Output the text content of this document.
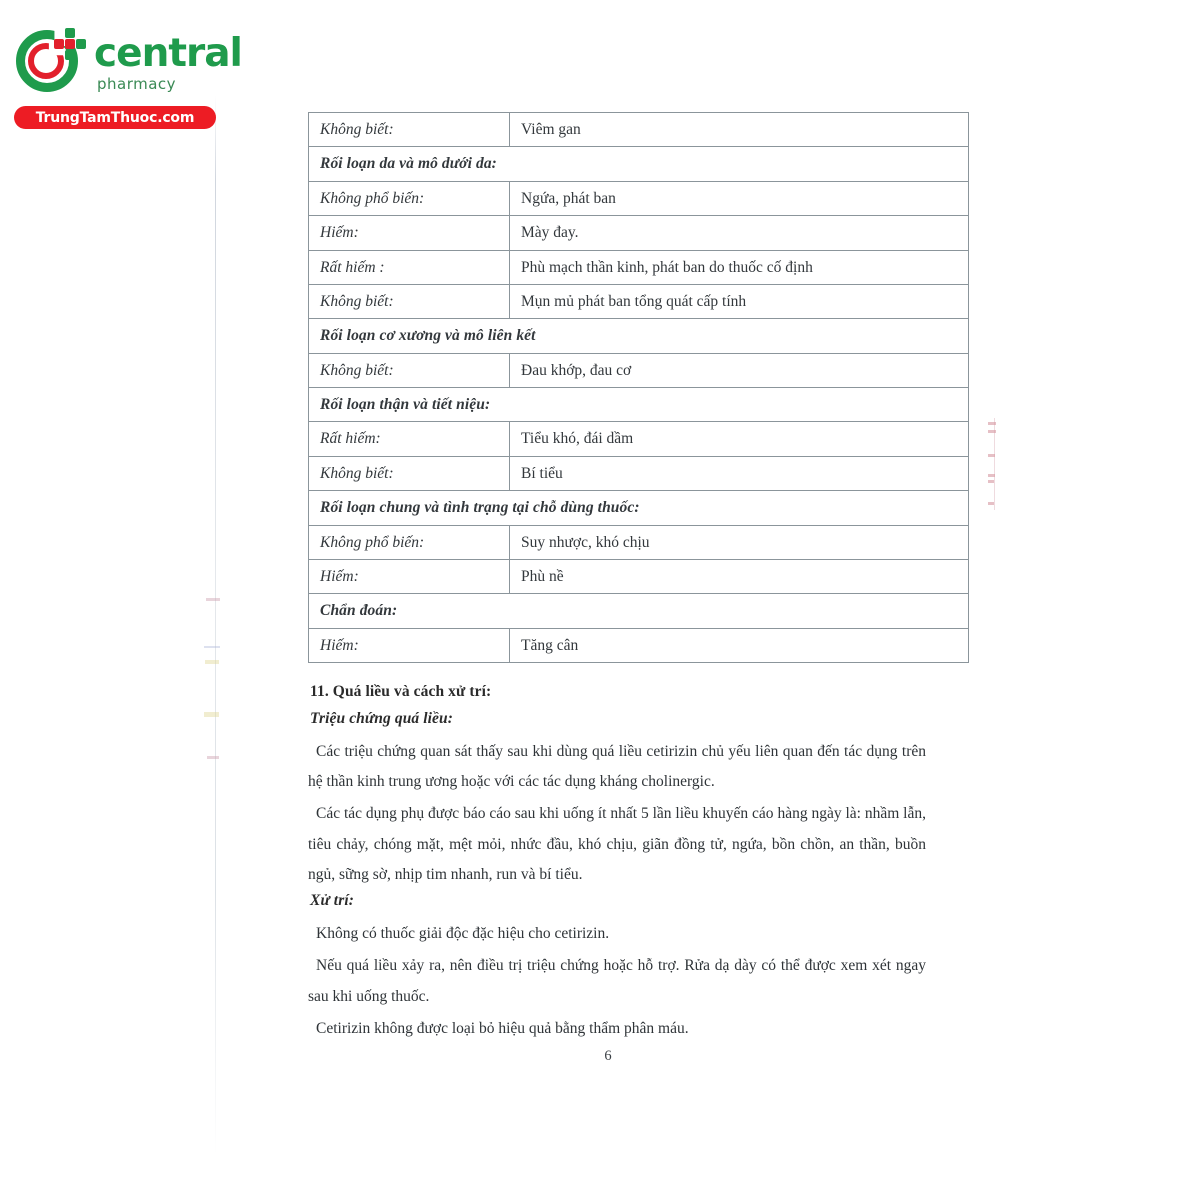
central
pharmacy
TrungTamThuoc.com
Không biết:	Viêm gan
Rối loạn da và mô dưới da:	
Không phổ biến:	Ngứa, phát ban
Hiếm:	Mày đay.
Rất hiếm :	Phù mạch thần kinh, phát ban do thuốc cố định
Không biết:	Mụn mủ phát ban tổng quát cấp tính
Rối loạn cơ xương và mô liên kết	
Không biết:	Đau khớp, đau cơ
Rối loạn thận và tiết niệu:	
Rất hiếm:	Tiểu khó, đái dầm
Không biết:	Bí tiểu
Rối loạn chung và tình trạng tại chỗ dùng thuốc:	
Không phổ biến:	Suy nhược, khó chịu
Hiếm:	Phù nề
Chẩn đoán:	
Hiếm:	Tăng cân
11. Quá liều và cách xử trí:
Triệu chứng quá liều:

Các triệu chứng quan sát thấy sau khi dùng quá liều cetirizin chủ yếu liên quan đến tác dụng trên hệ thần kinh trung ương hoặc với các tác dụng kháng cholinergic.

Các tác dụng phụ được báo cáo sau khi uống ít nhất 5 lần liều khuyến cáo hàng ngày là: nhầm lẫn, tiêu chảy, chóng mặt, mệt mỏi, nhức đầu, khó chịu, giãn đồng tử, ngứa, bồn chồn, an thần, buồn ngủ, sững sờ, nhịp tim nhanh, run và bí tiểu.

Xử trí:

Không có thuốc giải độc đặc hiệu cho cetirizin.

Nếu quá liều xảy ra, nên điều trị triệu chứng hoặc hỗ trợ. Rửa dạ dày có thể được xem xét ngay sau khi uống thuốc.

Cetirizin không được loại bỏ hiệu quả bằng thẩm phân máu.

6
